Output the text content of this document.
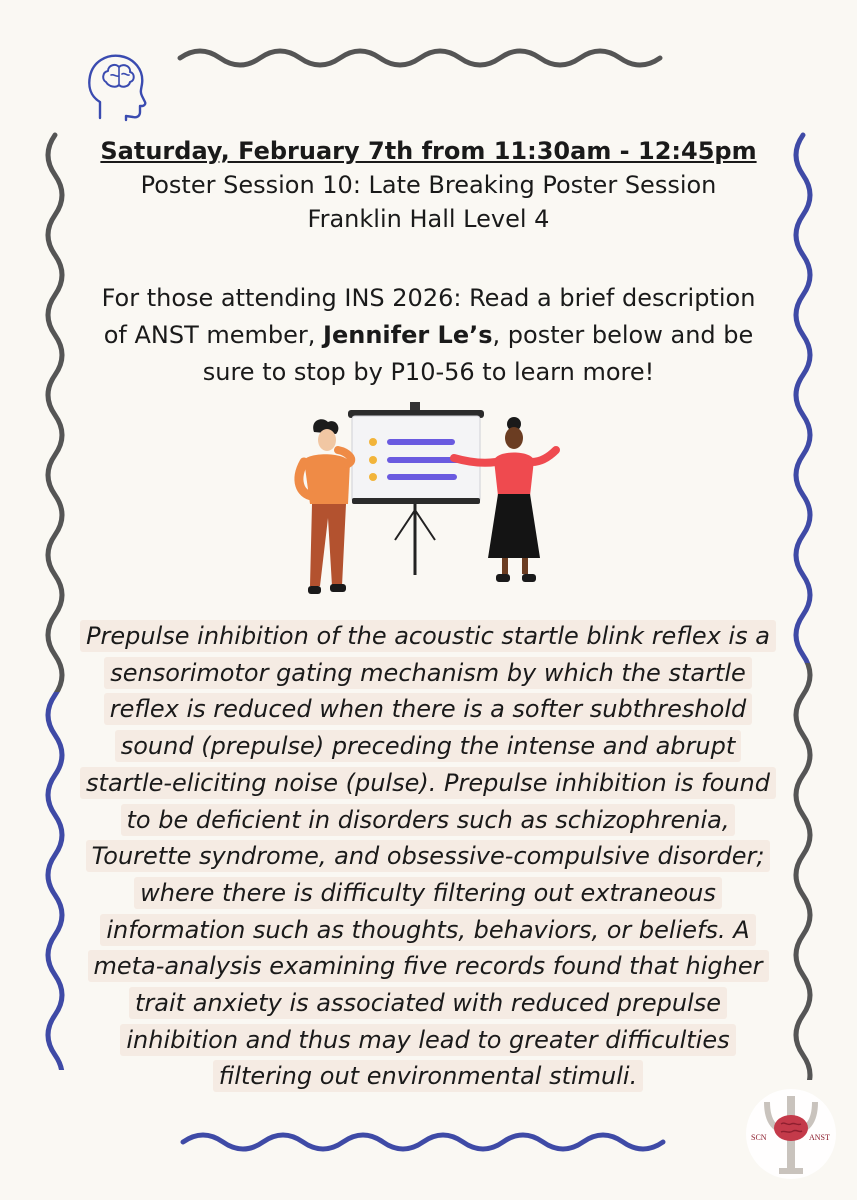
Saturday, February 7th from 11:30am - 12:45pm
Poster Session 10: Late Breaking Poster Session
Franklin Hall Level 4
For those attending INS 2026: Read a brief description of ANST member, Jennifer Le’s, poster below and be sure to stop by P10-56 to learn more!
Prepulse inhibition of the acoustic startle blink reflex is a sensorimotor gating mechanism by which the startle reflex is reduced when there is a softer subthreshold sound (prepulse) preceding the intense and abrupt startle-eliciting noise (pulse). Prepulse inhibition is found to be deficient in disorders such as schizophrenia, Tourette syndrome, and obsessive-compulsive disorder; where there is difficulty filtering out extraneous information such as thoughts, behaviors, or beliefs. A meta-analysis examining five records found that higher trait anxiety is associated with reduced prepulse inhibition and thus may lead to greater difficulties filtering out environmental stimuli.
SCN	ANST
